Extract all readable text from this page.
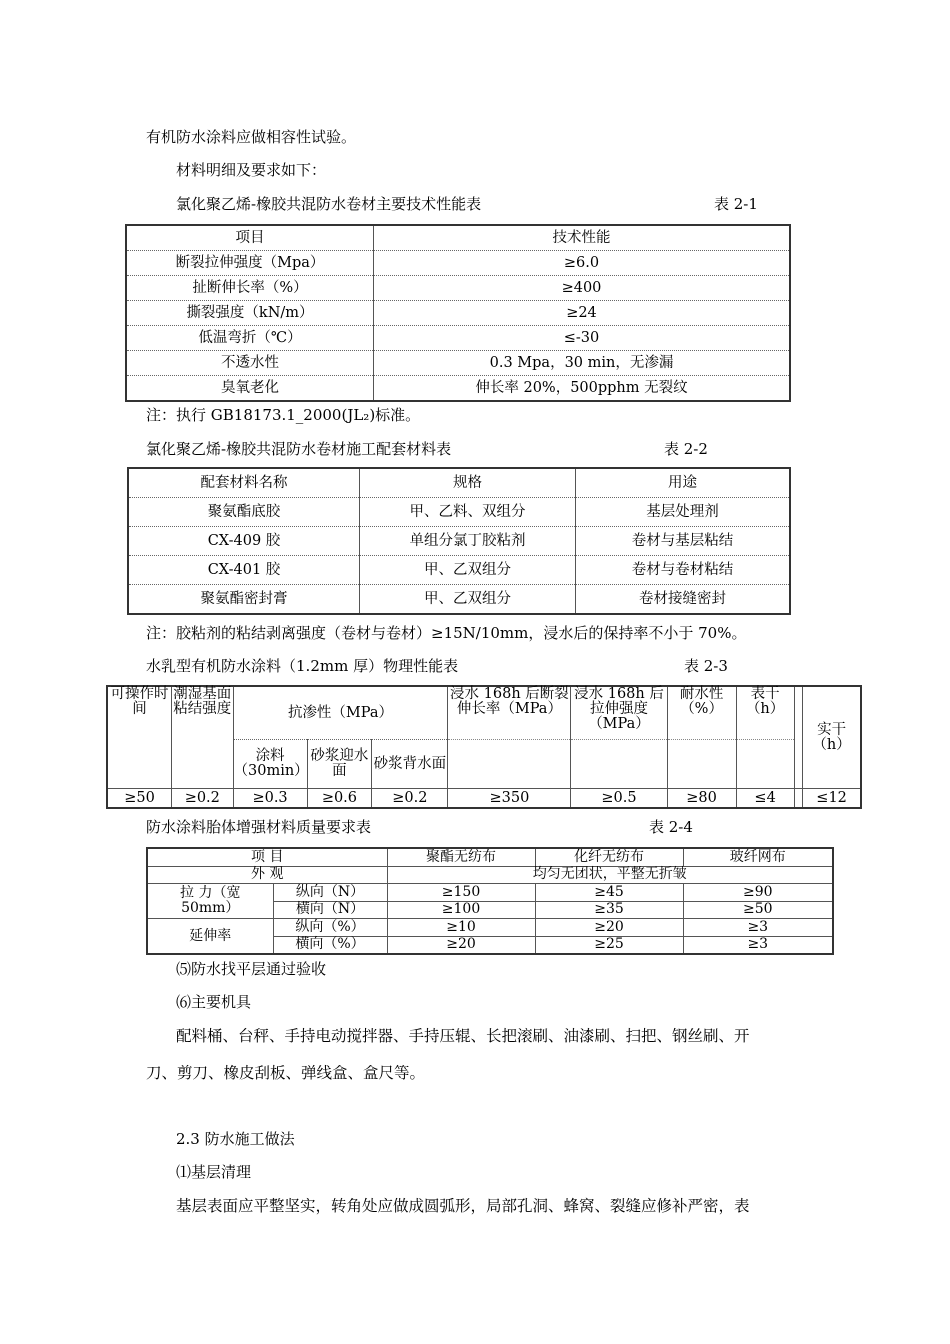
有机防水涂料应做相容性试验。
材料明细及要求如下：
氯化聚乙烯-橡胶共混防水卷材主要技术性能表	表 2-1
项目	技术性能
断裂拉伸强度（Mpa）	≥6.0
扯断伸长率（%）	≥400
撕裂强度（kN/m）	≥24
低温弯折（℃）	≤-30
不透水性	0.3 Mpa，30 min，无渗漏
臭氧老化	伸长率 20%，500pphm 无裂纹
注：执行 GB18173.1_2000(JL₂)标准。
氯化聚乙烯-橡胶共混防水卷材施工配套材料表	表 2-2
配套材料名称	规格	用途
聚氨酯底胶	甲、乙料、双组分	基层处理剂
CX-409 胶	单组分氯丁胶粘剂	卷材与基层粘结
CX-401 胶	甲、乙双组分	卷材与卷材粘结
聚氨酯密封膏	甲、乙双组分	卷材接缝密封
注：胶粘剂的粘结剥离强度（卷材与卷材）≥15N/10mm，浸水后的保持率不小于 70%。
水乳型有机防水涂料（1.2mm 厚）物理性能表	表 2-3
可操作时间	潮湿基面粘结强度	抗渗性（MPa）			浸水 168h 后断裂伸长率（MPa）	浸水 168h 后拉伸强度（MPa）	耐水性（%）	表干（h）		实干（h）
		涂料（30min）	砂浆迎水面	砂浆背水面						
≥50	≥0.2	≥0.3	≥0.6	≥0.2	≥350	≥0.5	≥80	≤4		≤12
防水涂料胎体增强材料质量要求表	表 2-4
项 目		聚酯无纺布	化纤无纺布	玻纤网布
外 观		均匀无团状，平整无折皱		
拉 力（宽 50mm）	纵向（N）	≥150	≥45	≥90
	横向（N）	≥100	≥35	≥50
延伸率	纵向（%）	≥10	≥20	≥3
	横向（%）	≥20	≥25	≥3
⑸防水找平层通过验收
⑹主要机具
配料桶、台秤、手持电动搅拌器、手持压辊、长把滚刷、油漆刷、扫把、钢丝刷、开
刀、剪刀、橡皮刮板、弹线盒、盒尺等。
2.3 防水施工做法
⑴基层清理
基层表面应平整坚实，转角处应做成圆弧形，局部孔洞、蜂窝、裂缝应修补严密，表
